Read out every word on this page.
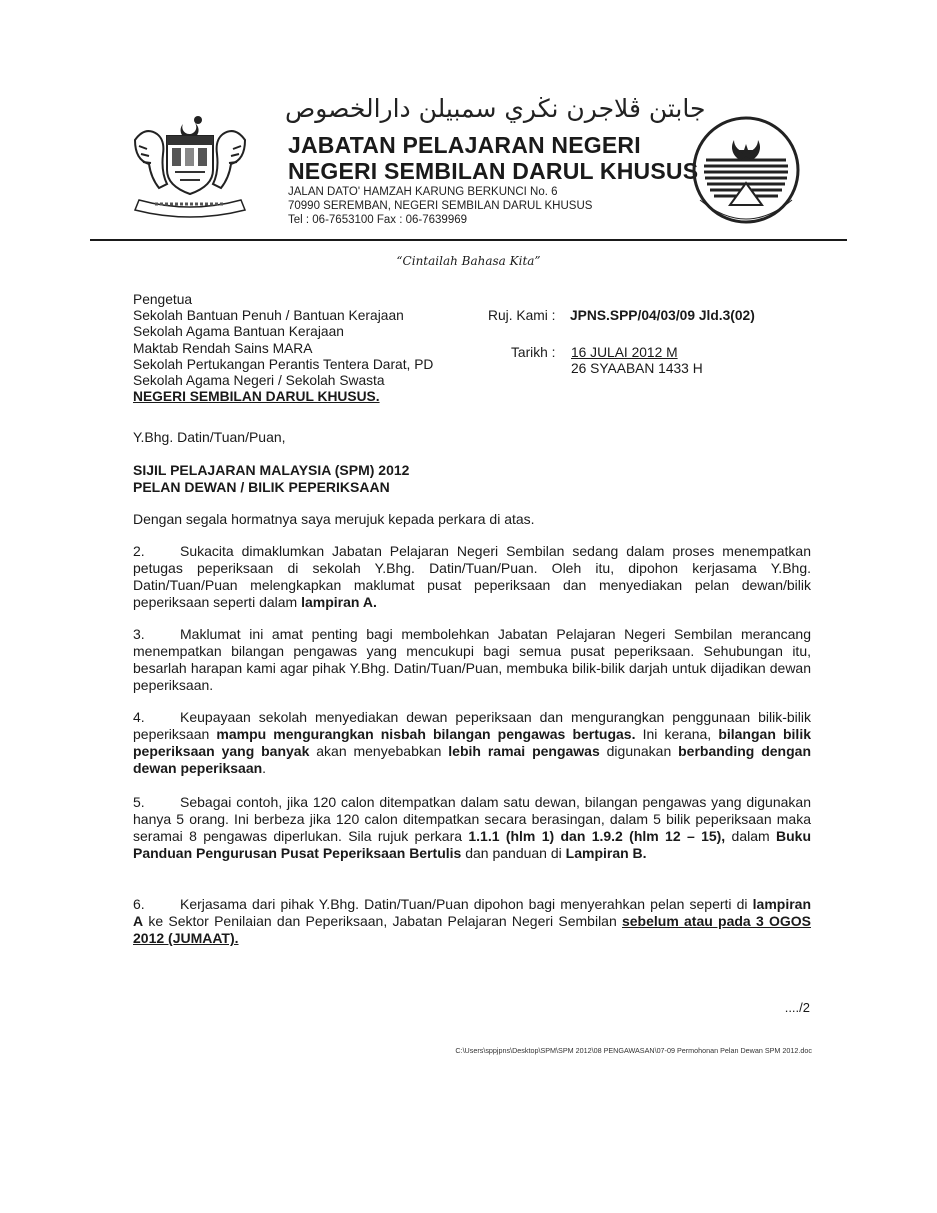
جابتن ڤلاجرن نڬري سمبيلن دارالخصوص
JABATAN PELAJARAN NEGERI
NEGERI SEMBILAN DARUL KHUSUS
JALAN DATO' HAMZAH KARUNG BERKUNCI No. 6
70990 SEREMBAN, NEGERI SEMBILAN DARUL KHUSUS
Tel : 06-7653100 Fax : 06-7639969
“Cintailah Bahasa Kita”
Pengetua
Sekolah Bantuan Penuh / Bantuan Kerajaan
Sekolah Agama Bantuan Kerajaan
Maktab Rendah Sains MARA
Sekolah Pertukangan Perantis Tentera Darat, PD
Sekolah Agama Negeri / Sekolah Swasta
NEGERI SEMBILAN DARUL KHUSUS.
Ruj. Kami : JPNS.SPP/04/03/09 Jld.3(02)
Tarikh : 16 JULAI 2012 M
26 SYAABAN 1433 H
Y.Bhg. Datin/Tuan/Puan,
SIJIL PELAJARAN MALAYSIA (SPM) 2012
PELAN DEWAN / BILIK PEPERIKSAAN
Dengan segala hormatnya saya merujuk kepada perkara di atas.
2.	Sukacita dimaklumkan Jabatan Pelajaran Negeri Sembilan sedang dalam proses menempatkan petugas peperiksaan di sekolah Y.Bhg. Datin/Tuan/Puan. Oleh itu, dipohon kerjasama Y.Bhg. Datin/Tuan/Puan melengkapkan maklumat pusat peperiksaan dan menyediakan pelan dewan/bilik peperiksaan seperti dalam lampiran A.
3.	Maklumat ini amat penting bagi membolehkan Jabatan Pelajaran Negeri Sembilan merancang menempatkan bilangan pengawas yang mencukupi bagi semua pusat peperiksaan. Sehubungan itu, besarlah harapan kami agar pihak Y.Bhg. Datin/Tuan/Puan, membuka bilik-bilik darjah untuk dijadikan dewan peperiksaan.
4.	Keupayaan sekolah menyediakan dewan peperiksaan dan mengurangkan penggunaan bilik-bilik peperiksaan mampu mengurangkan nisbah bilangan pengawas bertugas. Ini kerana, bilangan bilik peperiksaan yang banyak akan menyebabkan lebih ramai pengawas digunakan berbanding dengan dewan peperiksaan.
5.	Sebagai contoh, jika 120 calon ditempatkan dalam satu dewan, bilangan pengawas yang digunakan hanya 5 orang. Ini berbeza jika 120 calon ditempatkan secara berasingan, dalam 5 bilik peperiksaan maka seramai 8 pengawas diperlukan. Sila rujuk perkara 1.1.1 (hlm 1) dan 1.9.2 (hlm 12 – 15), dalam Buku Panduan Pengurusan Pusat Peperiksaan Bertulis dan panduan di Lampiran B.
6.	Kerjasama dari pihak Y.Bhg. Datin/Tuan/Puan dipohon bagi menyerahkan pelan seperti di lampiran A ke Sektor Penilaian dan Peperiksaan, Jabatan Pelajaran Negeri Sembilan sebelum atau pada 3 OGOS 2012 (JUMAAT).
..../2
C:\Users\sppjpns\Desktop\SPM\SPM 2012\08 PENGAWASAN\07-09 Permohonan Pelan Dewan SPM 2012.doc
